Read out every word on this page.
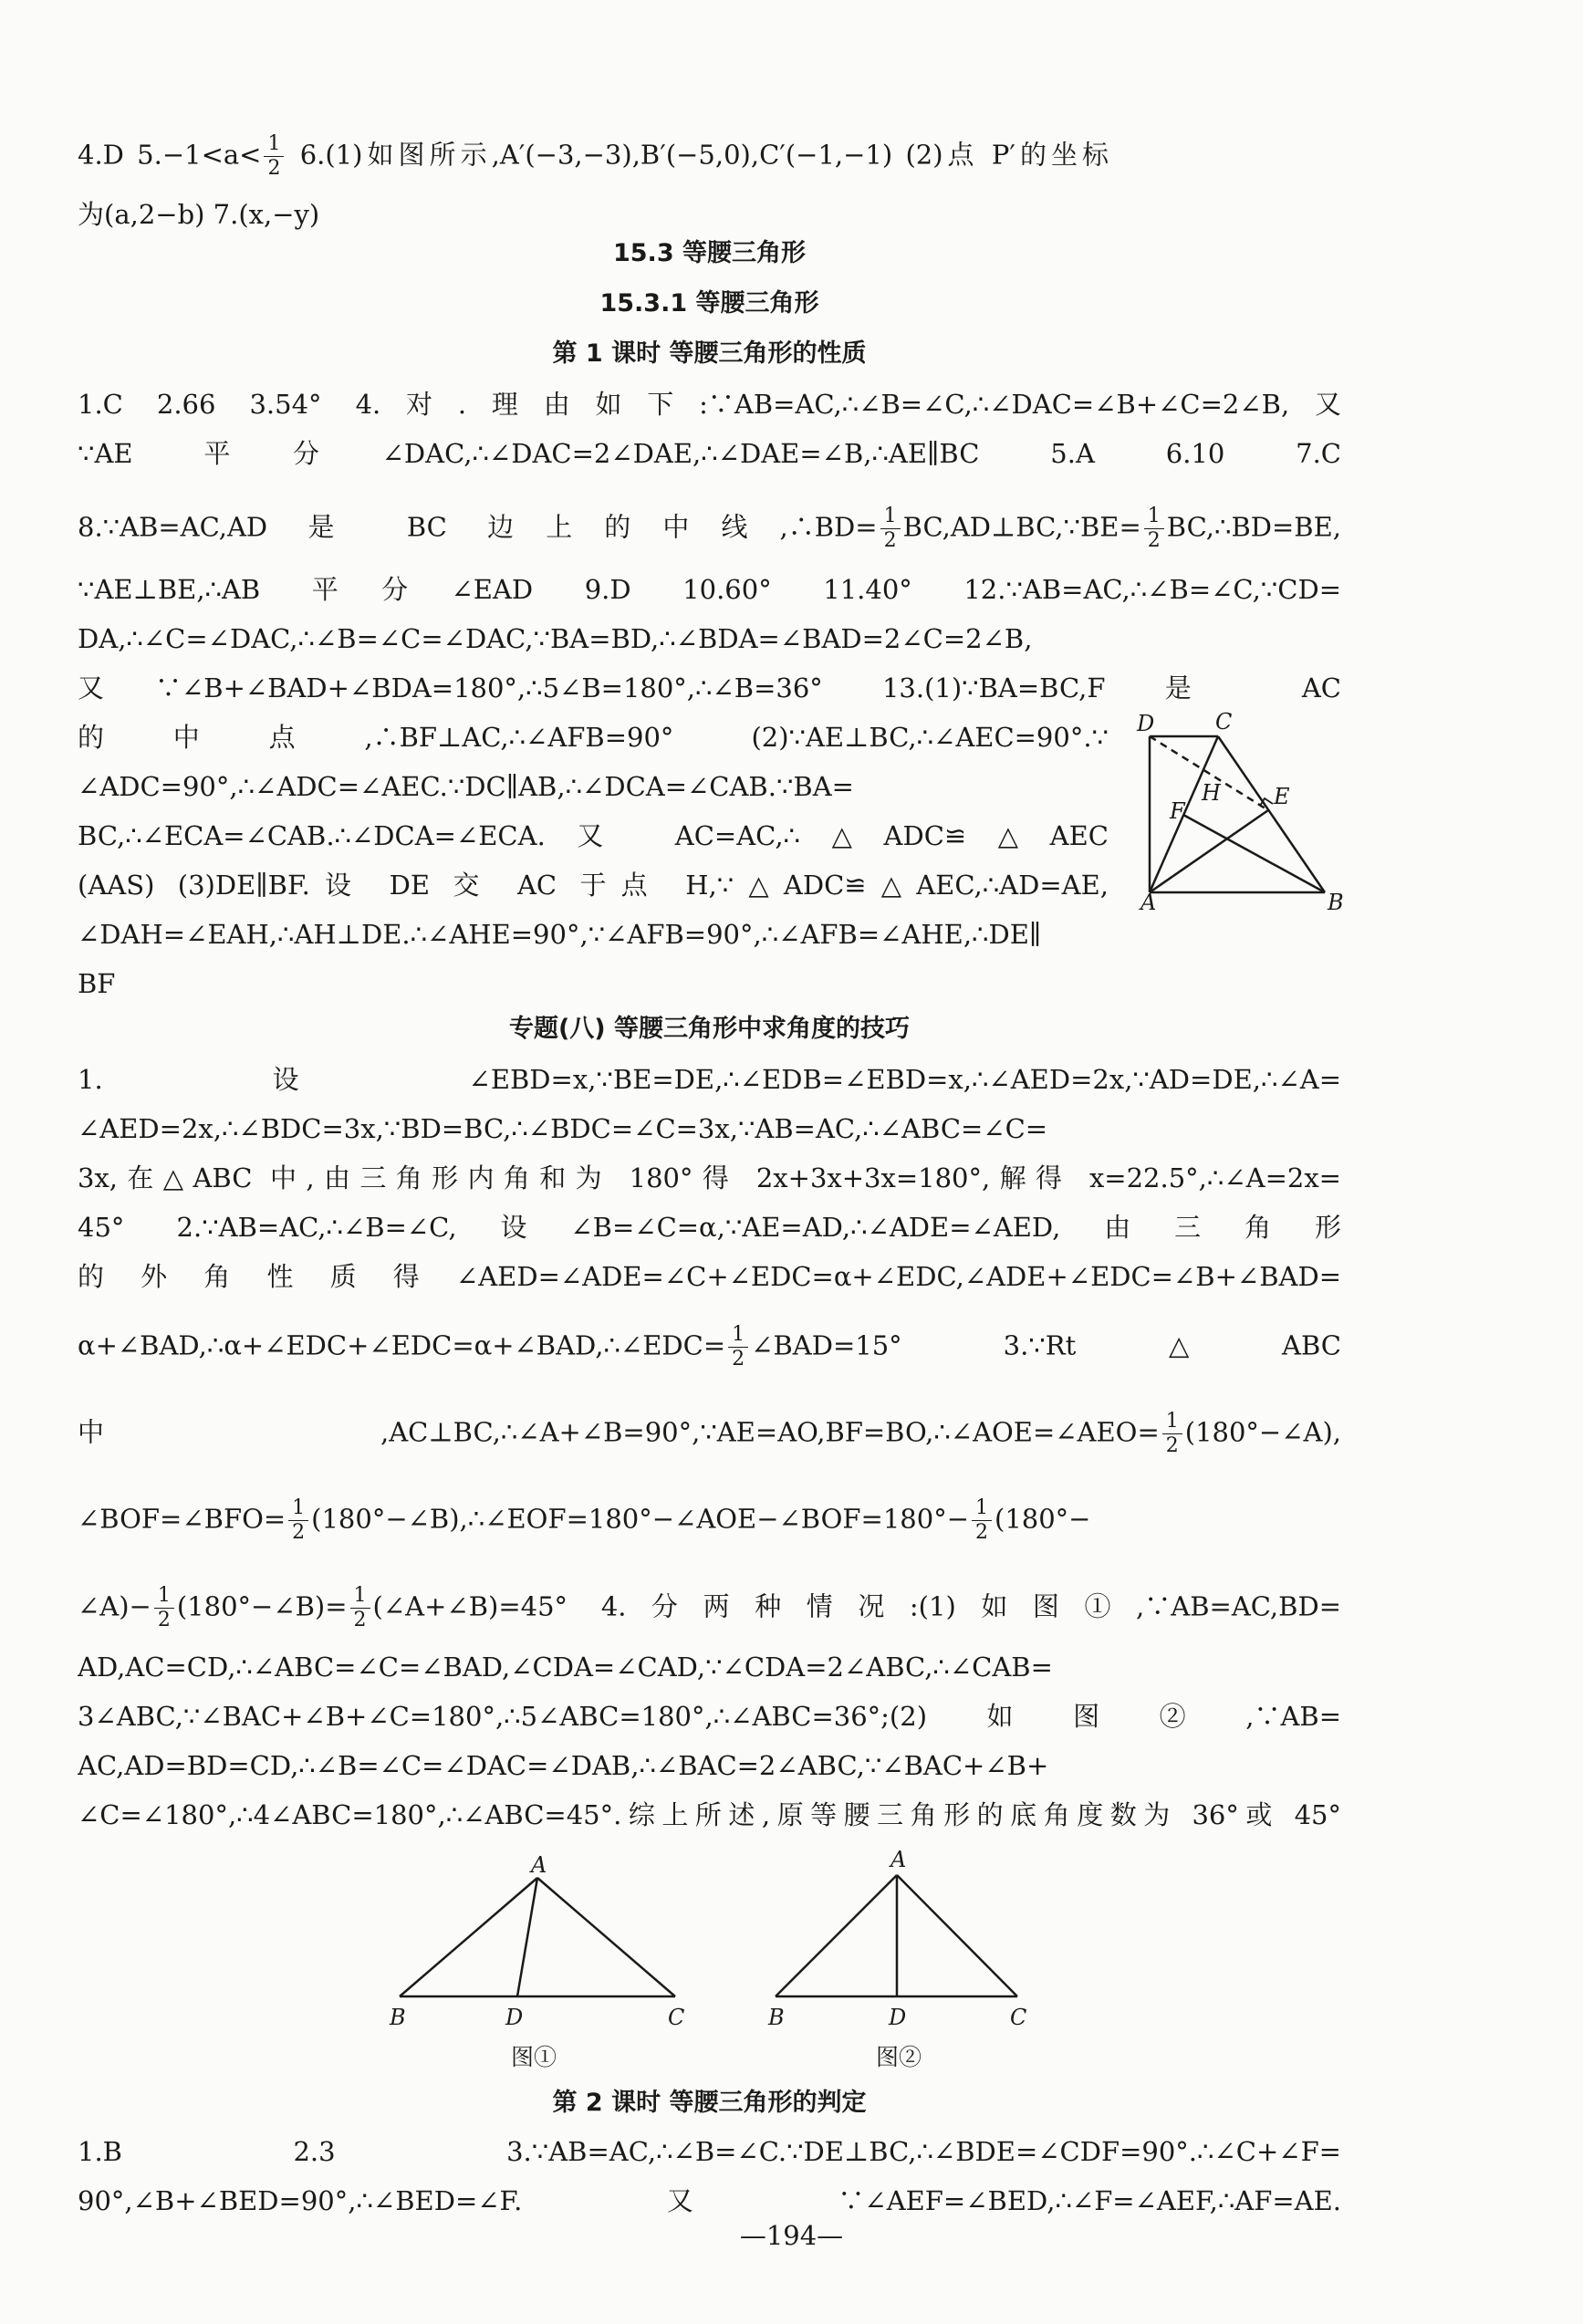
4.D $5.-1<a< \frac{1}{2} 6.(1)$如图所示,A′(−3,−3),B′(−5,0),C′(−1,−1) (2)点 P′的坐标
为(a,2−b) 7.(x,−y)
15.3 等腰三角形
15.3.1 等腰三角形
第 1 课时 等腰三角形的性质
1.C 2.66 3.54° 4.对.理由如下:∵AB=AC,∴∠B=∠C,∴∠DAC=∠B+∠C=2∠B,又
∵AE 平分∠DAC,∴∠DAC=2∠DAE,∴∠DAE=∠B,∴AE∥BC 5.A 6.10 7.C
8.∵AB=AC,AD 是 BC 边上的中线,∴BD= $\frac{1}{2}$ BC,AD⊥BC,∵BE= $\frac{1}{2}$ BC,∴BD=BE,
∵AE⊥BE,∴AB 平分∠EAD 9.D 10.60° 11.40° 12.∵AB=AC,∴∠B=∠C,∵CD=
DA,∴∠C=∠DAC,∴∠B=∠C=∠DAC,∵BA=BD,∴∠BDA=∠BAD=2∠C=2∠B,
又∵∠B+∠BAD+∠BDA=180°,∴5∠B=180°,∴∠B=36° 13.(1)∵BA=BC,F 是 AC
的中点,∴BF⊥AC,∴∠AFB=90° (2)∵AE⊥BC,∴∠AEC=90°.∵
∠ADC=90°,∴∠ADC=∠AEC.∵DC∥AB,∴∠DCA=∠CAB.∵BA=
BC,∴∠ECA=∠CAB.∴∠DCA=∠ECA.又 AC=AC,∴△ADC≌△AEC
(AAS) (3)DE∥BF.设 DE 交 AC 于点 H,∵△ADC≌△AEC,∴AD=AE,
∠DAH=∠EAH,∴AH⊥DE.∴∠AHE=90°,∵∠AFB=90°,∴∠AFB=∠AHE,∴DE∥
BF
D	C
H E
F
A	B
专题(八) 等腰三角形中求角度的技巧
1.设∠EBD=x,∵BE=DE,∴∠EDB=∠EBD=x,∴∠AED=2x,∵AD=DE,∴∠A=
∠AED=2x,∴∠BDC=3x,∵BD=BC,∴∠BDC=∠C=3x,∵AB=AC,∴∠ABC=∠C=
3x,在△ABC 中,由三角形内角和为 180°得 2x+3x+3x=180°,解得 x=22.5°,∴∠A=2x=
45° 2.∵AB=AC,∴∠B=∠C,设∠B=∠C=α,∵AE=AD,∴∠ADE=∠AED,由三角形
的外角性质得∠AED=∠ADE=∠C+∠EDC=α+∠EDC,∠ADE+∠EDC=∠B+∠BAD=
α+∠BAD,∴α+∠EDC+∠EDC=α+∠BAD,∴∠EDC= $\frac{1}{2}$ ∠BAD=15° 3.∵Rt△ABC
中,AC⊥BC,∴∠A+∠B=90°,∵AE=AO,BF=BO,∴∠AOE=∠AEO= $\frac{1}{2}$ (180°−∠A),
∠BOF=∠BFO= $\frac{1}{2}$ (180°−∠B),∴∠EOF=180°−∠AOE−∠BOF=180°− $\frac{1}{2} (180^\circ-$
∠A)− $\frac{1}{2}$ (180°−∠B)= $\frac{1}{2}$ (∠A+∠B)=45° 4.分两种情况:(1)如图①,∵AB=AC,BD=
AD,AC=CD,∴∠ABC=∠C=∠BAD,∠CDA=∠CAD,∵∠CDA=2∠ABC,∴∠CAB=
3∠ABC,∵∠BAC+∠B+∠C=180°,∴5∠ABC=180°,∴∠ABC=36°;(2)如图②,∵AB=
AC,AD=BD=CD,∴∠B=∠C=∠DAC=∠DAB,∴∠BAC=2∠ABC,∵∠BAC+∠B+
∠C=∠180°,∴4∠ABC=180°,∴∠ABC=45°.综上所述,原等腰三角形的底角度数为 36°或 45°
A
B	D	C
图①
A
B	D	C
图②
第 2 课时 等腰三角形的判定
1.B 2.3 3.∵AB=AC,∴∠B=∠C.∵DE⊥BC,∴∠BDE=∠CDF=90°.∴∠C+∠F=
90°,∠B+∠BED=90°,∴∠BED=∠F.又∵∠AEF=∠BED,∴∠F=∠AEF,∴AF=AE.
—194—
